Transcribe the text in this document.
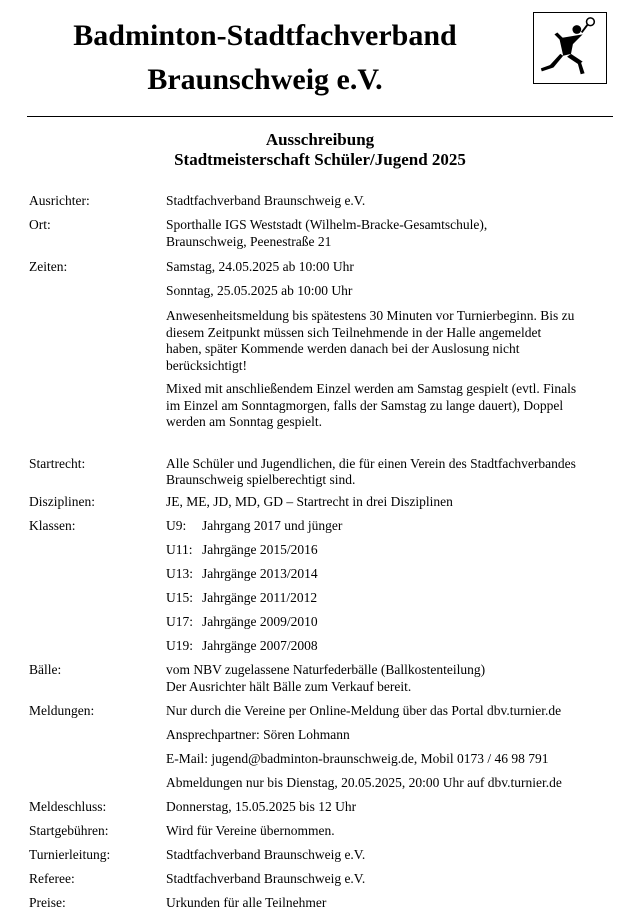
Badminton-Stadtfachverband
Braunschweig e.V.
Ausschreibung
Stadtmeisterschaft Schüler/Jugend 2025
Ausrichter:	Stadtfachverband Braunschweig e.V.
Ort:	Sporthalle IGS Weststadt (Wilhelm-Bracke-Gesamtschule),
Braunschweig, Peenestraße 21
Zeiten:	Samstag, 24.05.2025 ab 10:00 Uhr
Sonntag, 25.05.2025 ab 10:00 Uhr
Anwesenheitsmeldung bis spätestens 30 Minuten vor Turnierbeginn. Bis zu
diesem Zeitpunkt müssen sich Teilnehmende in der Halle angemeldet
haben, später Kommende werden danach bei der Auslosung nicht
berücksichtigt!
Mixed mit anschließendem Einzel werden am Samstag gespielt (evtl. Finals
im Einzel am Sonntagmorgen, falls der Samstag zu lange dauert), Doppel
werden am Sonntag gespielt.
Startrecht:	Alle Schüler und Jugendlichen, die für einen Verein des Stadtfachverbandes
Braunschweig spielberechtigt sind.
Disziplinen:	JE, ME, JD, MD, GD – Startrecht in drei Disziplinen
Klassen:	U9: Jahrgang 2017 und jünger
U11: Jahrgänge 2015/2016
U13: Jahrgänge 2013/2014
U15: Jahrgänge 2011/2012
U17: Jahrgänge 2009/2010
U19: Jahrgänge 2007/2008
Bälle:	vom NBV zugelassene Naturfederbälle (Ballkostenteilung)
Der Ausrichter hält Bälle zum Verkauf bereit.
Meldungen:	Nur durch die Vereine per Online-Meldung über das Portal dbv.turnier.de
Ansprechpartner: Sören Lohmann
E-Mail: jugend@badminton-braunschweig.de, Mobil 0173 / 46 98 791
Abmeldungen nur bis Dienstag, 20.05.2025, 20:00 Uhr auf dbv.turnier.de
Meldeschluss:	Donnerstag, 15.05.2025 bis 12 Uhr
Startgebühren:	Wird für Vereine übernommen.
Turnierleitung:	Stadtfachverband Braunschweig e.V.
Referee:	Stadtfachverband Braunschweig e.V.
Preise:	Urkunden für alle Teilnehmer
